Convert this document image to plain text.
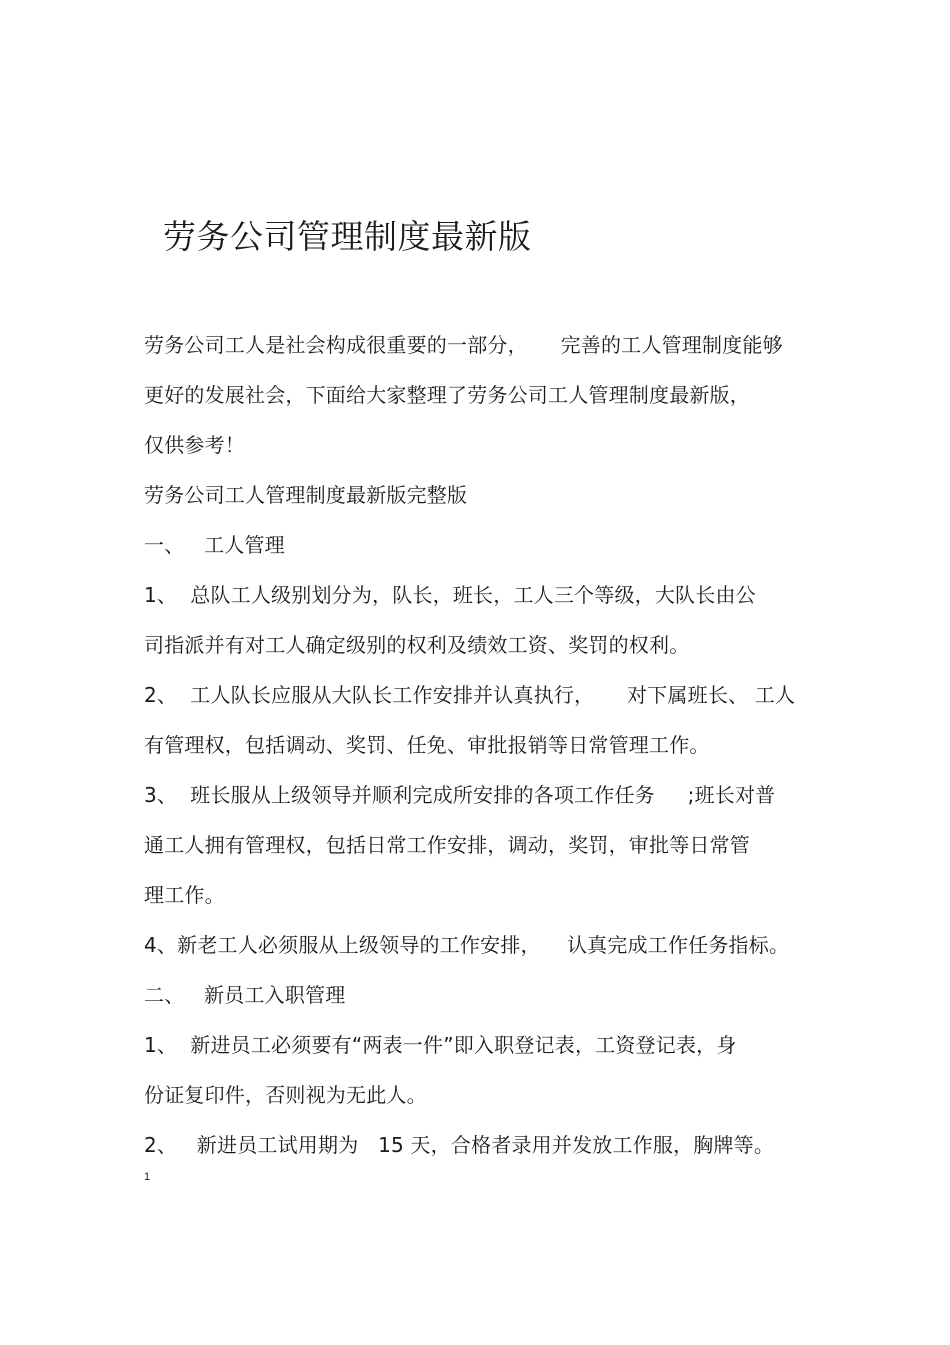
劳务公司管理制度最新版
劳务公司工人是社会构成很重要的一部分，     完善的工人管理制度能够
更好的发展社会，下面给大家整理了劳务公司工人管理制度最新版，
仅供参考！
劳务公司工人管理制度最新版完整版
一、   工人管理
1、  总队工人级别划分为，队长，班长，工人三个等级，大队长由公
司指派并有对工人确定级别的权利及绩效工资、奖罚的权利。
2、  工人队长应服从大队长工作安排并认真执行，     对下属班长、 工人
有管理权，包括调动、奖罚、任免、审批报销等日常管理工作。
3、  班长服从上级领导并顺利完成所安排的各项工作任务     ;班长对普
通工人拥有管理权，包括日常工作安排，调动，奖罚，审批等日常管
理工作。
4、新老工人必须服从上级领导的工作安排，    认真完成工作任务指标。
二、   新员工入职管理
1、  新进员工必须要有“两表一件”即入职登记表，工资登记表，身
份证复印件，否则视为无此人。
2、   新进员工试用期为   15 天，合格者录用并发放工作服，胸牌等。
1
